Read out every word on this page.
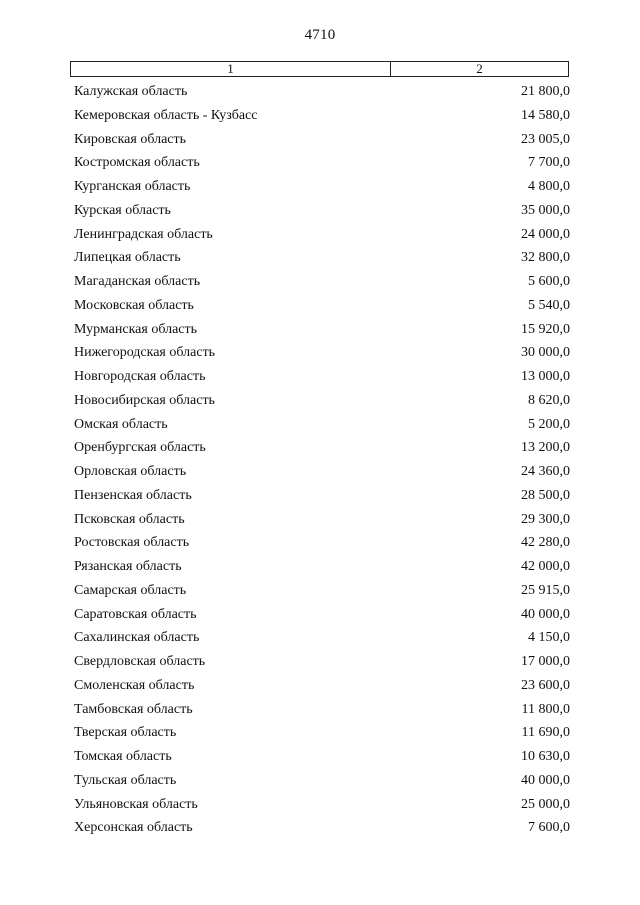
4710
1	2
Калужская область	21 800,0
Кемеровская область - Кузбасс	14 580,0
Кировская область	23 005,0
Костромская область	7 700,0
Курганская область	4 800,0
Курская область	35 000,0
Ленинградская область	24 000,0
Липецкая область	32 800,0
Магаданская область	5 600,0
Московская область	5 540,0
Мурманская область	15 920,0
Нижегородская область	30 000,0
Новгородская область	13 000,0
Новосибирская область	8 620,0
Омская область	5 200,0
Оренбургская область	13 200,0
Орловская область	24 360,0
Пензенская область	28 500,0
Псковская область	29 300,0
Ростовская область	42 280,0
Рязанская область	42 000,0
Самарская область	25 915,0
Саратовская область	40 000,0
Сахалинская область	4 150,0
Свердловская область	17 000,0
Смоленская область	23 600,0
Тамбовская область	11 800,0
Тверская область	11 690,0
Томская область	10 630,0
Тульская область	40 000,0
Ульяновская область	25 000,0
Херсонская область	7 600,0
